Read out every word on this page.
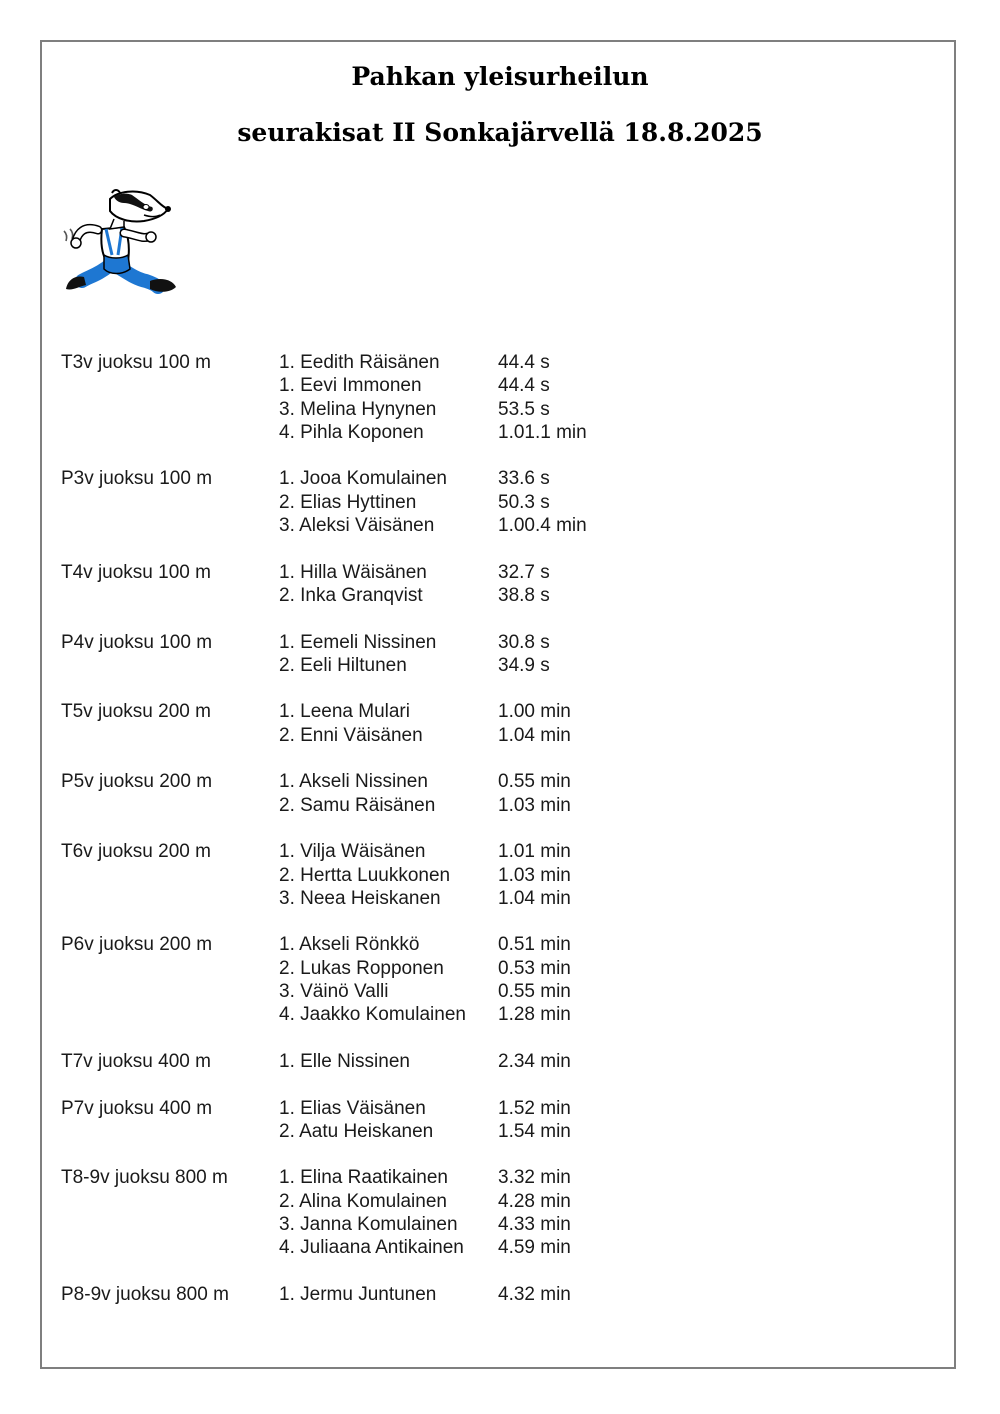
Pahkan yleisurheilun
seurakisat II Sonkajärvellä 18.8.2025
T3v juoksu 100 m	1. Eedith Räisänen	44.4 s
1. Eevi Immonen	44.4 s
3. Melina Hynynen	53.5 s
4. Pihla Koponen	1.01.1 min
P3v juoksu 100 m	1. Jooa Komulainen	33.6 s
2. Elias Hyttinen	50.3 s
3. Aleksi Väisänen	1.00.4 min
T4v juoksu 100 m	1. Hilla Wäisänen	32.7 s
2. Inka Granqvist	38.8 s
P4v juoksu 100 m	1. Eemeli Nissinen	30.8 s
2. Eeli Hiltunen	34.9 s
T5v juoksu 200 m	1. Leena Mulari	1.00 min
2. Enni Väisänen	1.04 min
P5v juoksu 200 m	1. Akseli Nissinen	0.55 min
2. Samu Räisänen	1.03 min
T6v juoksu 200 m	1. Vilja Wäisänen	1.01 min
2. Hertta Luukkonen	1.03 min
3. Neea Heiskanen	1.04 min
P6v juoksu 200 m	1. Akseli Rönkkö	0.51 min
2. Lukas Ropponen	0.53 min
3. Väinö Valli	0.55 min
4. Jaakko Komulainen 1.28 min
T7v juoksu 400 m	1. Elle Nissinen	2.34 min
P7v juoksu 400 m	1. Elias Väisänen	1.52 min
2. Aatu Heiskanen	1.54 min
T8-9v juoksu 800 m	1. Elina Raatikainen	3.32 min
2. Alina Komulainen	4.28 min
3. Janna Komulainen 4.33 min
4. Juliaana Antikainen 4.59 min
P8-9v juoksu 800 m	1. Jermu Juntunen	4.32 min
